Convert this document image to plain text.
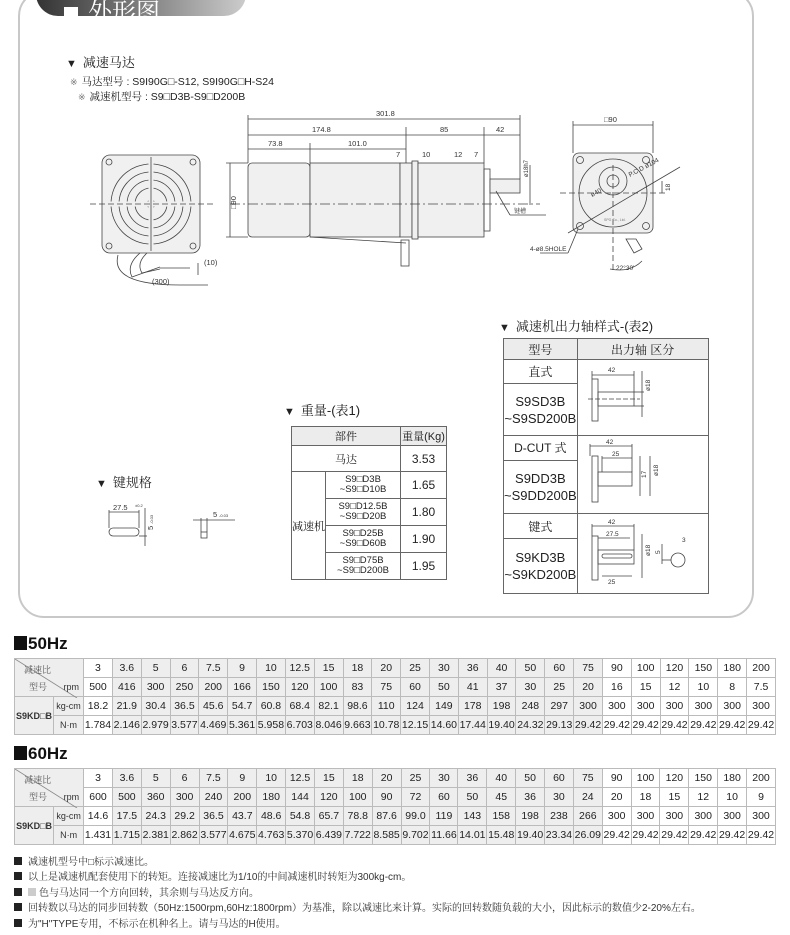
外形图
▼ 减速马达
※ 马达型号 : S9I90G□-S12, S9I90G□H-S24
※ 减速机型号 : S9□D3B-S9□D200B
301.8
174.8	85	42
73.8	101.0
7	10	12 7
□90
ø18h7
键槽
(10)
(300)
□90
P.C.D ø104
ø40	18
4-ø8.5HOLE
22°30'
SPG Co., Ltd.
▼ 重量-(表1)
部件	重量(Kg)
马达	3.53
减速机	S9□D3B
~S9□D10B	1.65
S9□D12.5B
~S9□D20B	1.80
S9□D25B
~S9□D60B	1.90
S9□D75B
~S9□D200B	1.95
▼ 键规格
27.5 ±0.2
5
-0.03
5 -0.03
▼ 减速机出力轴样式-(表2)
型号	出力轴 区分
直式	42
ø18

S9SD3B
~S9SD200B
D-CUT 式	42
25
17 ø18

S9DD3B
~S9DD200B
键式	42
27.5
25
ø18 5
3

S9KD3B
~S9KD200B
50Hz
减速比
型号 rpm
	3	3.6	5	6	7.5	9	10	12.5	15	18	20	25	30	36	40	50	60	75	90	100	120	150	180	200
500	416	300	250	200	166	150	120	100	83	75	60	50	41	37	30	25	20	16	15	12	10	8	7.5
S9KD□B	kg-cm	18.2	21.9	30.4	36.5	45.6	54.7	60.8	68.4	82.1	98.6	110	124	149	178	198	248	297	300	300	300	300	300	300	300
N·m	1.784	2.146	2.979	3.577	4.469	5.361	5.958	6.703	8.046	9.663	10.78	12.15	14.60	17.44	19.40	24.32	29.13	29.42	29.42	29.42	29.42	29.42	29.42	29.42
60Hz
减速比
型号 rpm
	3	3.6	5	6	7.5	9	10	12.5	15	18	20	25	30	36	40	50	60	75	90	100	120	150	180	200
600	500	360	300	240	200	180	144	120	100	90	72	60	50	45	36	30	24	20	18	15	12	10	9
S9KD□B	kg-cm	14.6	17.5	24.3	29.2	36.5	43.7	48.6	54.8	65.7	78.8	87.6	99.0	119	143	158	198	238	266	300	300	300	300	300	300
N·m	1.431	1.715	2.381	2.862	3.577	4.675	4.763	5.370	6.439	7.722	8.585	9.702	11.66	14.01	15.48	19.40	23.34	26.09	29.42	29.42	29.42	29.42	29.42	29.42
减速机型号中□标示减速比。
以上是减速机配套使用下的转矩。连接减速比为1/10的中间减速机时转矩为300kg-cm。
色与马达同一个方向回转，其余则与马达反方向。
回转数以马达的同步回转数（50Hz:1500rpm,60Hz:1800rpm）为基准，除以减速比来计算。实际的回转数随负载的大小，因此标示的数值少2-20%左右。
为"H"TYPE专用，不标示在机种名上。请与马达的H使用。
